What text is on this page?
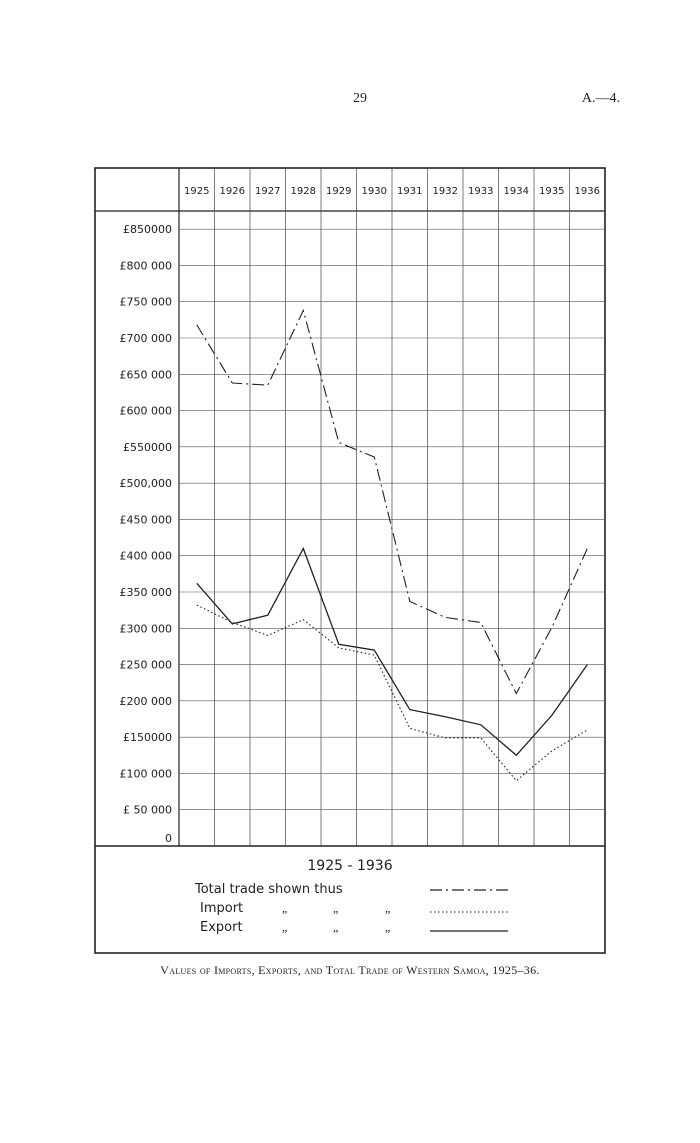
29	A.—4.
1925 1926 1927 1928 1929 1930 1931 1932 1933 1934 1935 1936
£850000
£800 000
£750 000
£700 000
£650 000
£600 000
£550000
£500,000
£450 000
£400 000
£350 000
£300 000
£250 000
£200 000
£150000
£100 000
£ 50 000
0
1925 - 1936
Total trade shown thus
Import	„	„	„
Export	„	„	„
Values of Imports, Exports, and Total Trade of Western Samoa, 1925–36.
